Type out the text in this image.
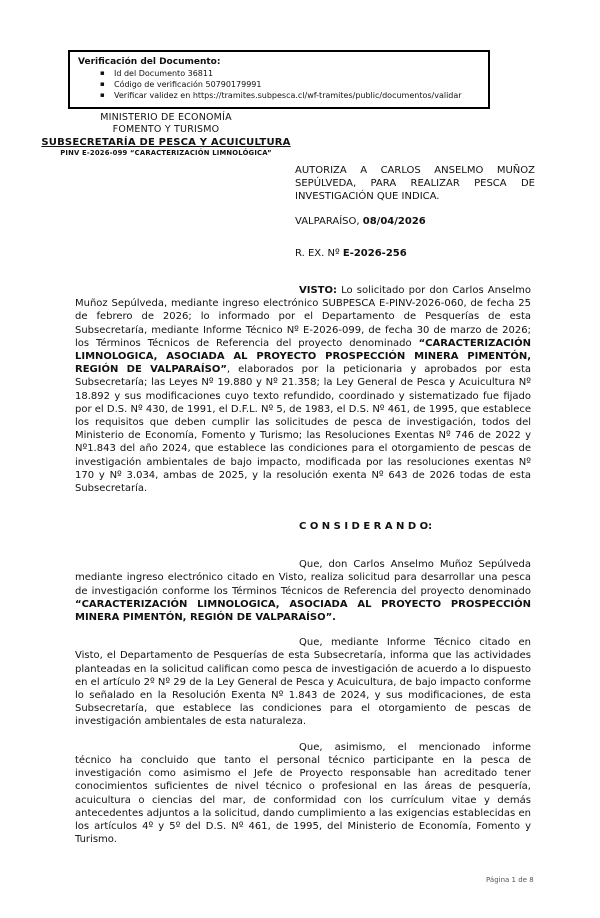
Verificación del Documento:
▪	Id del Documento 36811
▪	Código de verificación 50790179991
▪	Verificar validez en https://tramites.subpesca.cl/wf-tramites/public/documentos/validar
MINISTERIO DE ECONOMÍA
FOMENTO Y TURISMO
SUBSECRETARÍA DE PESCA Y ACUICULTURA
PINV E-2026-099 “CARACTERIZACIÓN LIMNOLÓGICA”
AUTORIZA A CARLOS ANSELMO MUÑOZ SEPÚLVEDA, PARA REALIZAR PESCA DE INVESTIGACIÓN QUE INDICA.
VALPARAÍSO, 08/04/2026
R. EX. Nº E-2026-256

VISTO: Lo solicitado por don Carlos Anselmo Muñoz Sepúlveda, mediante ingreso electrónico SUBPESCA E-PINV-2026-060, de fecha 25 de febrero de 2026; lo informado por el Departamento de Pesquerías de esta Subsecretaría, mediante Informe Técnico Nº E-2026-099, de fecha 30 de marzo de 2026; los Términos Técnicos de Referencia del proyecto denominado “CARACTERIZACIÓN LIMNOLOGICA, ASOCIADA AL PROYECTO PROSPECCIÓN MINERA PIMENTÓN, REGIÓN DE VALPARAÍSO”, elaborados por la peticionaria y aprobados por esta Subsecretaría; las Leyes Nº 19.880 y Nº 21.358; la Ley General de Pesca y Acuicultura Nº 18.892 y sus modificaciones cuyo texto refundido, coordinado y sistematizado fue fijado por el D.S. Nº 430, de 1991, el D.F.L. Nº 5, de 1983, el D.S. Nº 461, de 1995, que establece los requisitos que deben cumplir las solicitudes de pesca de investigación, todos del Ministerio de Economía, Fomento y Turismo; las Resoluciones Exentas Nº 746 de 2022 y Nº1.843 del año 2024, que establece las condiciones para el otorgamiento de pescas de investigación ambientales de bajo impacto, modificada por las resoluciones exentas Nº 170 y Nº 3.034, ambas de 2025, y la resolución exenta Nº 643 de 2026 todas de esta Subsecretaría.

C O N S I D E R A N D O:

Que, don Carlos Anselmo Muñoz Sepúlveda mediante ingreso electrónico citado en Visto, realiza solicitud para desarrollar una pesca de investigación conforme los Términos Técnicos de Referencia del proyecto denominado “CARACTERIZACIÓN LIMNOLOGICA, ASOCIADA AL PROYECTO PROSPECCIÓN MINERA PIMENTÓN, REGIÓN DE VALPARAÍSO”.

Que, mediante Informe Técnico citado en Visto, el Departamento de Pesquerías de esta Subsecretaría, informa que las actividades planteadas en la solicitud califican como pesca de investigación de acuerdo a lo dispuesto en el artículo 2º Nº 29 de la Ley General de Pesca y Acuicultura, de bajo impacto conforme lo señalado en la Resolución Exenta Nº 1.843 de 2024, y sus modificaciones, de esta Subsecretaría, que establece las condiciones para el otorgamiento de pescas de investigación ambientales de esta naturaleza.

Que, asimismo, el mencionado informe técnico ha concluido que tanto el personal técnico participante en la pesca de investigación como asimismo el Jefe de Proyecto responsable han acreditado tener conocimientos suficientes de nivel técnico o profesional en las áreas de pesquería, acuicultura o ciencias del mar, de conformidad con los currículum vitae y demás antecedentes adjuntos a la solicitud, dando cumplimiento a las exigencias establecidas en los artículos 4º y 5º del D.S. Nº 461, de 1995, del Ministerio de Economía, Fomento y Turismo.

Página 1 de 8
